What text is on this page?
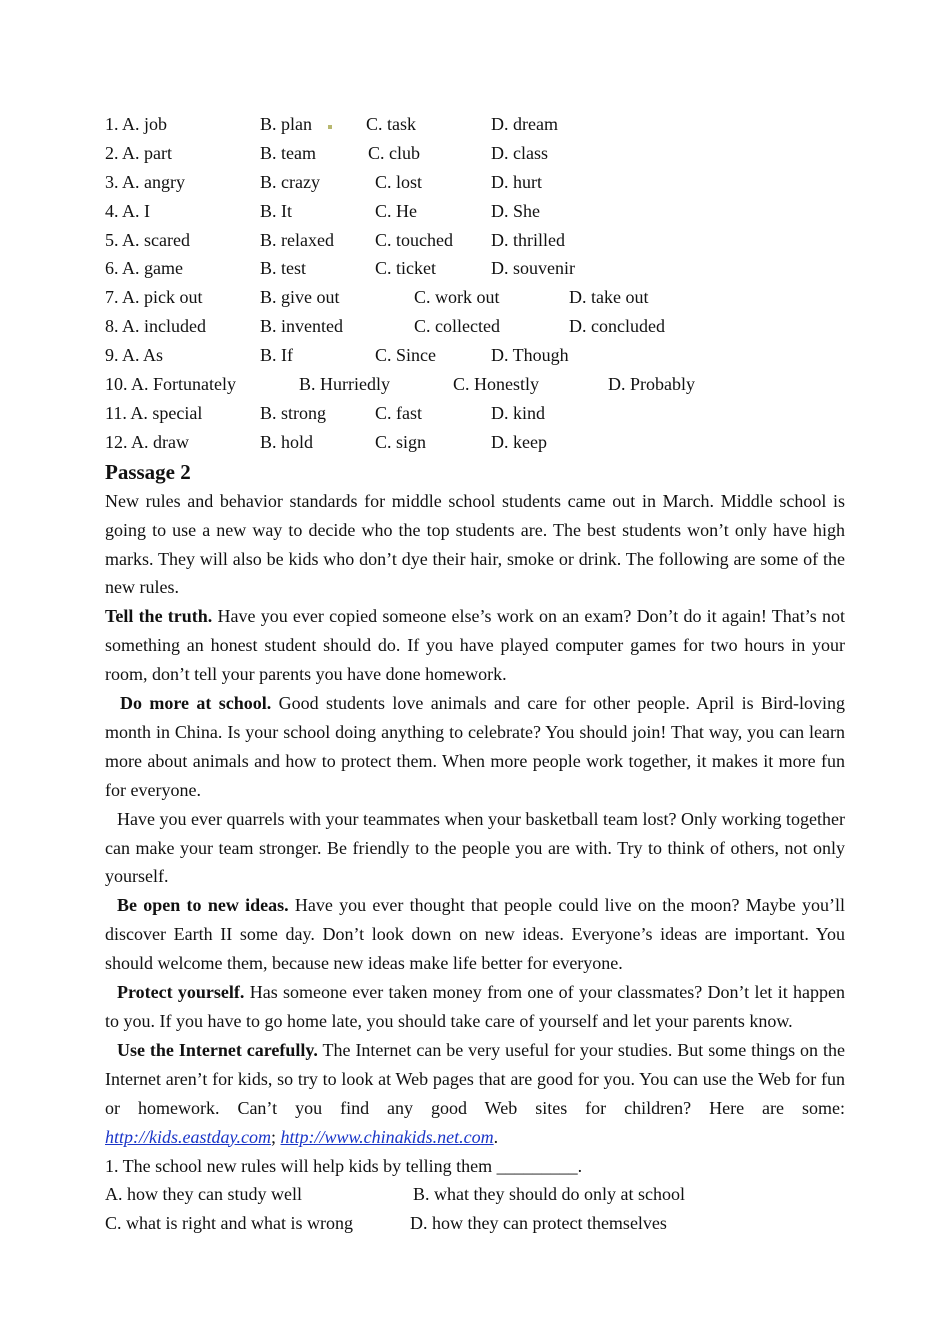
1. A. job	B. plan	C. task	D. dream
2. A. part	B. team	C. club	D. class
3. A. angry	B. crazy	C. lost	D. hurt
4. A. I	B. It	C. He	D. She
5. A. scared	B. relaxed C. touched D. thrilled
6. A. game	B. test	C. ticket	D. souvenir
7. A. pick out	B. give out	C. work out	D. take out
8. A. included	B. invented	C. collected	D. concluded
9. A. As	B. If	C. Since	D. Though
10. A. Fortunately	B. Hurriedly	C. Honestly	D. Probably
11. A. special	B. strong	C. fast	D. kind
12. A. draw	B. hold	C. sign	D. keep
Passage 2

New rules and behavior standards for middle school students came out in March. Middle school is going to use a new way to decide who the top students are. The best students won’t only have high marks. They will also be kids who don’t dye their hair, smoke or drink. The following are some of the new rules.

Tell the truth. Have you ever copied someone else’s work on an exam? Don’t do it again! That’s not something an honest student should do. If you have played computer games for two hours in your room, don’t tell your parents you have done homework.

Do more at school. Good students love animals and care for other people. April is Bird-loving month in China. Is your school doing anything to celebrate? You should join! That way, you can learn more about animals and how to protect them. When more people work together, it makes it more fun for everyone.

Have you ever quarrels with your teammates when your basketball team lost? Only working together can make your team stronger. Be friendly to the people you are with. Try to think of others, not only yourself.

Be open to new ideas. Have you ever thought that people could live on the moon? Maybe you’ll discover Earth II some day. Don’t look down on new ideas. Everyone’s ideas are important. You should welcome them, because new ideas make life better for everyone.

Protect yourself. Has someone ever taken money from one of your classmates? Don’t let it happen to you. If you have to go home late, you should take care of yourself and let your parents know.

Use the Internet carefully. The Internet can be very useful for your studies. But some things on the Internet aren’t for kids, so try to look at Web pages that are good for you. You can use the Web for fun or homework. Can’t you find any good Web sites for children? Here are some: http://kids.eastday.com; http://www.chinakids.net.com.

1. The school new rules will help kids by telling them _________.

A. how they can study well	B. what they should do only at school
C. what is right and what is wrong	D. how they can protect themselves
